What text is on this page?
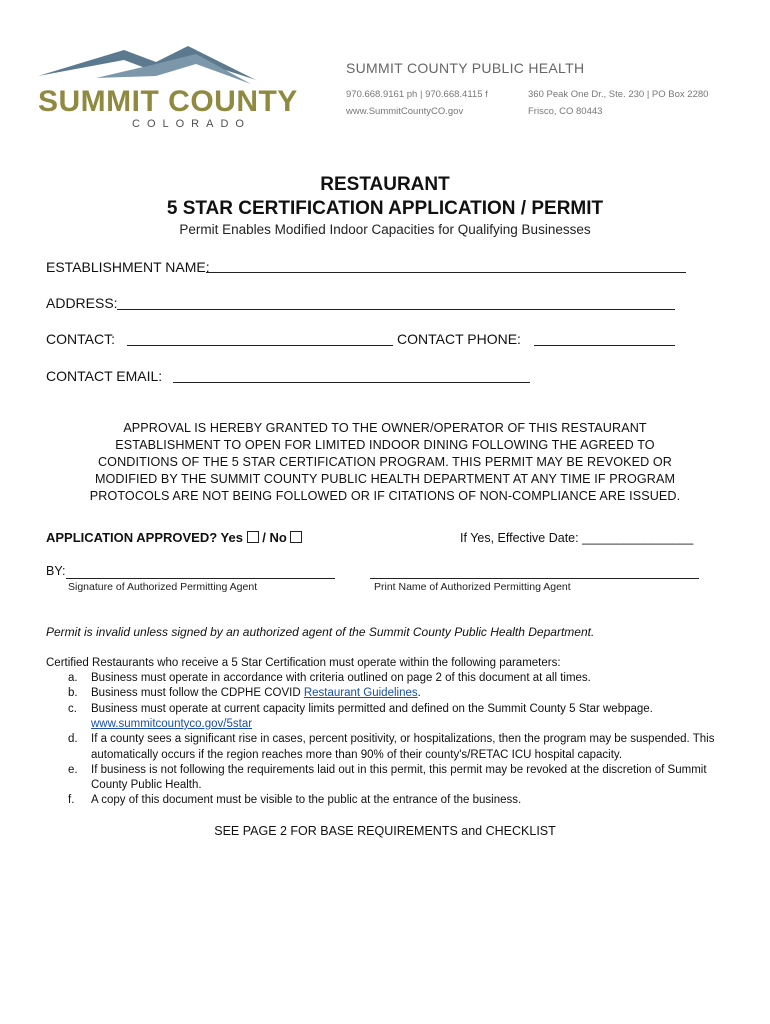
SUMMIT COUNTY
COLORADO
SUMMIT COUNTY PUBLIC HEALTH
970.668.9161 ph | 970.668.4115 f
www.SummitCountyCO.gov
360 Peak One Dr., Ste. 230 | PO Box 2280
Frisco, CO 80443
RESTAURANT
5 STAR CERTIFICATION APPLICATION / PERMIT
Permit Enables Modified Indoor Capacities for Qualifying Businesses
ESTABLISHMENT NAME:
ADDRESS:
CONTACT:	CONTACT PHONE:
CONTACT EMAIL:
APPROVAL IS HEREBY GRANTED TO THE OWNER/OPERATOR OF THIS RESTAURANT
ESTABLISHMENT TO OPEN FOR LIMITED INDOOR DINING FOLLOWING THE AGREED TO
CONDITIONS OF THE 5 STAR CERTIFICATION PROGRAM. THIS PERMIT MAY BE REVOKED OR
MODIFIED BY THE SUMMIT COUNTY PUBLIC HEALTH DEPARTMENT AT ANY TIME IF PROGRAM
PROTOCOLS ARE NOT BEING FOLLOWED OR IF CITATIONS OF NON-COMPLIANCE ARE ISSUED.
APPLICATION APPROVED? Yes / No	If Yes, Effective Date: ________________
BY:
Signature of Authorized Permitting Agent	Print Name of Authorized Permitting Agent
Permit is invalid unless signed by an authorized agent of the Summit County Public Health Department.
Certified Restaurants who receive a 5 Star Certification must operate within the following parameters:
a. Business must operate in accordance with criteria outlined on page 2 of this document at all times.
b. Business must follow the CDPHE COVID Restaurant Guidelines.
c. Business must operate at current capacity limits permitted and defined on the Summit County 5 Star webpage.
www.summitcountyco.gov/5star
d. If a county sees a significant rise in cases, percent positivity, or hospitalizations, then the program may be suspended. This
automatically occurs if the region reaches more than 90% of their county's/RETAC ICU hospital capacity.
e. If business is not following the requirements laid out in this permit, this permit may be revoked at the discretion of Summit
County Public Health.
f. A copy of this document must be visible to the public at the entrance of the business.
SEE PAGE 2 FOR BASE REQUIREMENTS and CHECKLIST
